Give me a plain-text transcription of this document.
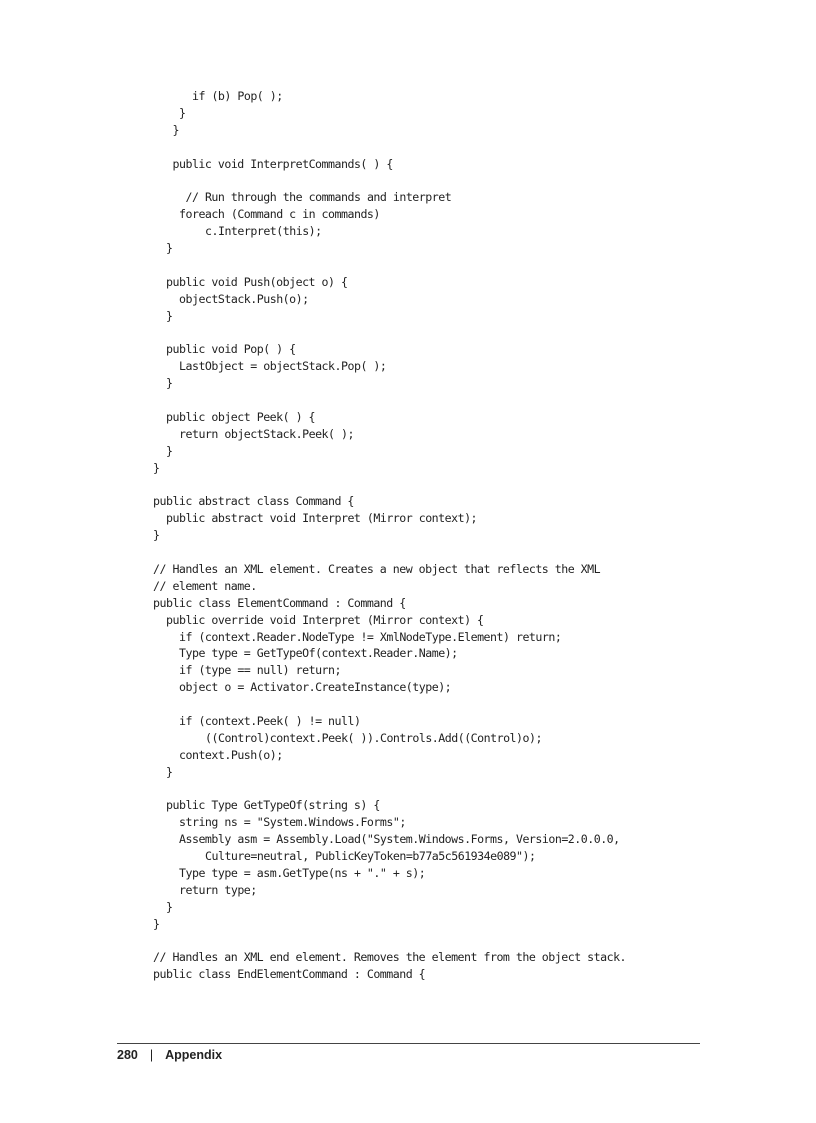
if (b) Pop( );
}
}
public void InterpretCommands( ) {
// Run through the commands and interpret
foreach (Command c in commands)
c.Interpret(this);
}
public void Push(object o) {
objectStack.Push(o);
}
public void Pop( ) {
LastObject = objectStack.Pop( );
}
public object Peek( ) {
return objectStack.Peek( );
}
}
public abstract class Command {
public abstract void Interpret (Mirror context);
}
// Handles an XML element. Creates a new object that reflects the XML
// element name.
public class ElementCommand : Command {
public override void Interpret (Mirror context) {
if (context.Reader.NodeType != XmlNodeType.Element) return;
Type type = GetTypeOf(context.Reader.Name);
if (type == null) return;
object o = Activator.CreateInstance(type);
if (context.Peek( ) != null)
((Control)context.Peek( )).Controls.Add((Control)o);
context.Push(o);
}
public Type GetTypeOf(string s) {
string ns = "System.Windows.Forms";
Assembly asm = Assembly.Load("System.Windows.Forms, Version=2.0.0.0,
Culture=neutral, PublicKeyToken=b77a5c561934e089");
Type type = asm.GetType(ns + "." + s);
return type;
}
}
// Handles an XML end element. Removes the element from the object stack.
public class EndElementCommand : Command {
280 | Appendix
